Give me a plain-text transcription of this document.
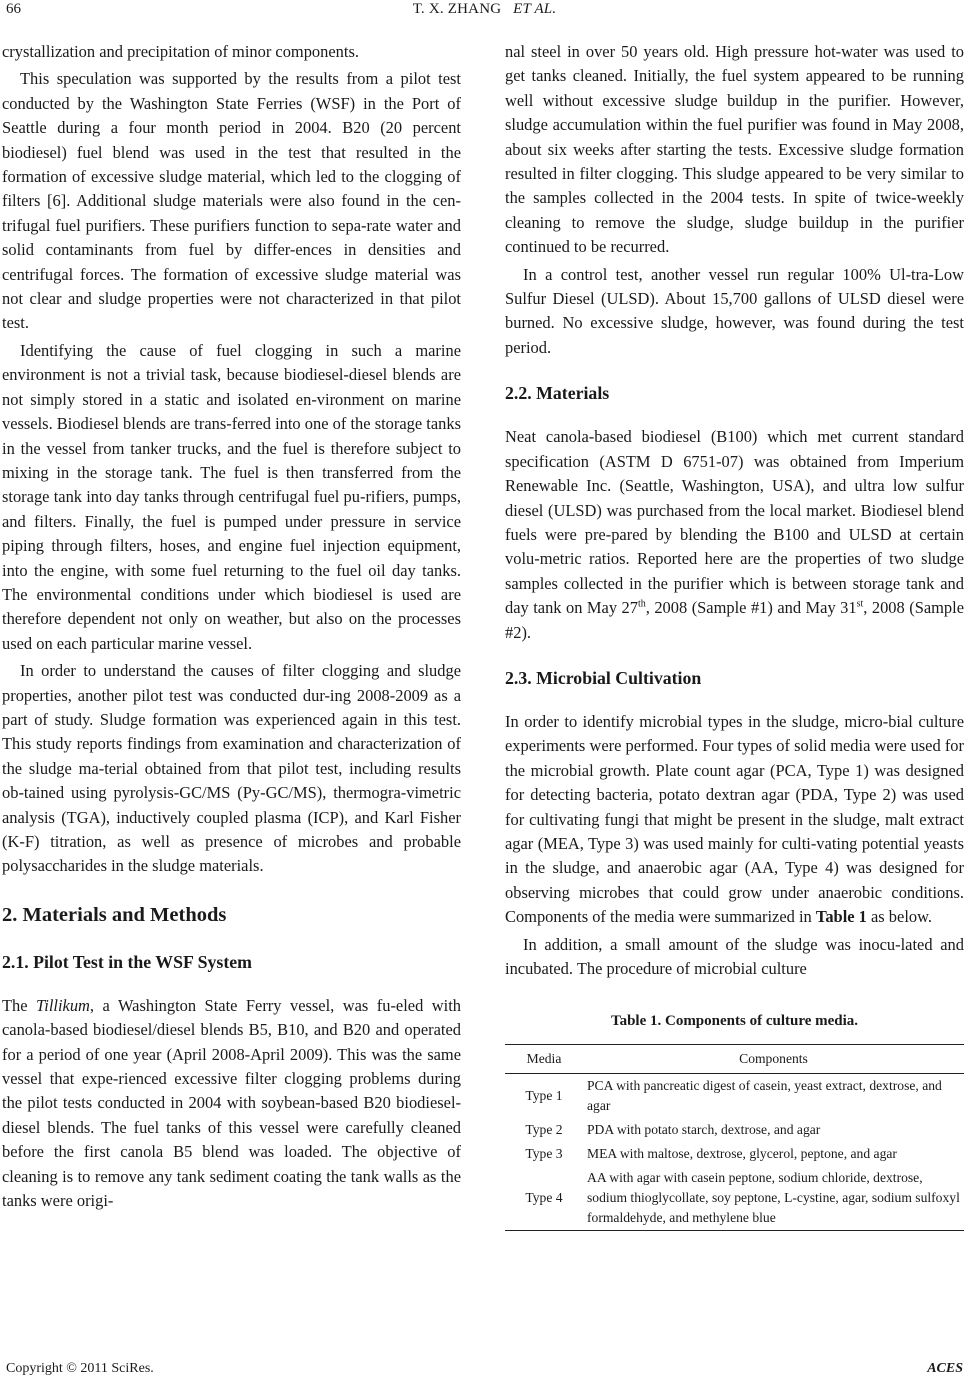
66	T. X. ZHANG ET AL.

crystallization and precipitation of minor components.

This speculation was supported by the results from a pilot test conducted by the Washington State Ferries (WSF) in the Port of Seattle during a four month period in 2004. B20 (20 percent biodiesel) fuel blend was used in the test that resulted in the formation of excessive sludge material, which led to the clogging of filters [6]. Additional sludge materials were also found in the cen-trifugal fuel purifiers. These purifiers function to sepa-rate water and solid contaminants from fuel by differ-ences in densities and centrifugal forces. The formation of excessive sludge material was not clear and sludge properties were not characterized in that pilot test.

Identifying the cause of fuel clogging in such a marine environment is not a trivial task, because biodiesel-diesel blends are not simply stored in a static and isolated en-vironment on marine vessels. Biodiesel blends are trans-ferred into one of the storage tanks in the vessel from tanker trucks, and the fuel is therefore subject to mixing in the storage tank. The fuel is then transferred from the storage tank into day tanks through centrifugal fuel pu-rifiers, pumps, and filters. Finally, the fuel is pumped under pressure in service piping through filters, hoses, and engine fuel injection equipment, into the engine, with some fuel returning to the fuel oil day tanks. The environmental conditions under which biodiesel is used are therefore dependent not only on weather, but also on the processes used on each particular marine vessel.

In order to understand the causes of filter clogging and sludge properties, another pilot test was conducted dur-ing 2008-2009 as a part of study. Sludge formation was experienced again in this test. This study reports findings from examination and characterization of the sludge ma-terial obtained from that pilot test, including results ob-tained using pyrolysis-GC/MS (Py-GC/MS), thermogra-vimetric analysis (TGA), inductively coupled plasma (ICP), and Karl Fisher (K-F) titration, as well as presence of microbes and probable polysaccharides in the sludge materials.

2. Materials and Methods
2.1. Pilot Test in the WSF System

The Tillikum, a Washington State Ferry vessel, was fu-eled with canola-based biodiesel/diesel blends B5, B10, and B20 and operated for a period of one year (April 2008-April 2009). This was the same vessel that expe-rienced excessive filter clogging problems during the pilot tests conducted in 2004 with soybean-based B20 biodiesel-diesel blends. The fuel tanks of this vessel were carefully cleaned before the first canola B5 blend was loaded. The objective of cleaning is to remove any tank sediment coating the tank walls as the tanks were origi-

nal steel in over 50 years old. High pressure hot-water was used to get tanks cleaned. Initially, the fuel system appeared to be running well without excessive sludge buildup in the purifier. However, sludge accumulation within the fuel purifier was found in May 2008, about six weeks after starting the tests. Excessive sludge formation resulted in filter clogging. This sludge appeared to be very similar to the samples collected in the 2004 tests. In spite of twice-weekly cleaning to remove the sludge, sludge buildup in the purifier continued to be recurred.

In a control test, another vessel run regular 100% Ul-tra-Low Sulfur Diesel (ULSD). About 15,700 gallons of ULSD diesel were burned. No excessive sludge, however, was found during the test period.

2.2. Materials

Neat canola-based biodiesel (B100) which met current standard specification (ASTM D 6751-07) was obtained from Imperium Renewable Inc. (Seattle, Washington, USA), and ultra low sulfur diesel (ULSD) was purchased from the local market. Biodiesel blend fuels were pre-pared by blending the B100 and ULSD at certain volu-metric ratios. Reported here are the properties of two sludge samples collected in the purifier which is between storage tank and day tank on May 27th, 2008 (Sample #1) and May 31st, 2008 (Sample #2).

2.3. Microbial Cultivation

In order to identify microbial types in the sludge, micro-bial culture experiments were performed. Four types of solid media were used for the microbial growth. Plate count agar (PCA, Type 1) was designed for detecting bacteria, potato dextran agar (PDA, Type 2) was used for cultivating fungi that might be present in the sludge, malt extract agar (MEA, Type 3) was used mainly for culti-vating potential yeasts in the sludge, and anaerobic agar (AA, Type 4) was designed for observing microbes that could grow under anaerobic conditions. Components of the media were summarized in Table 1 as below.

In addition, a small amount of the sludge was inocu-lated and incubated. The procedure of microbial culture

Table 1. Components of culture media.
Media	Components
Type 1	PCA with pancreatic digest of casein, yeast extract, dextrose, and agar
Type 2	PDA with potato starch, dextrose, and agar
Type 3	MEA with maltose, dextrose, glycerol, peptone, and agar
Type 4	AA with agar with casein peptone, sodium chloride, dextrose, sodium thioglycollate, soy peptone, L-cystine, agar, sodium sulfoxyl formaldehyde, and methylene blue
Copyright © 2011 SciRes.	ACES
